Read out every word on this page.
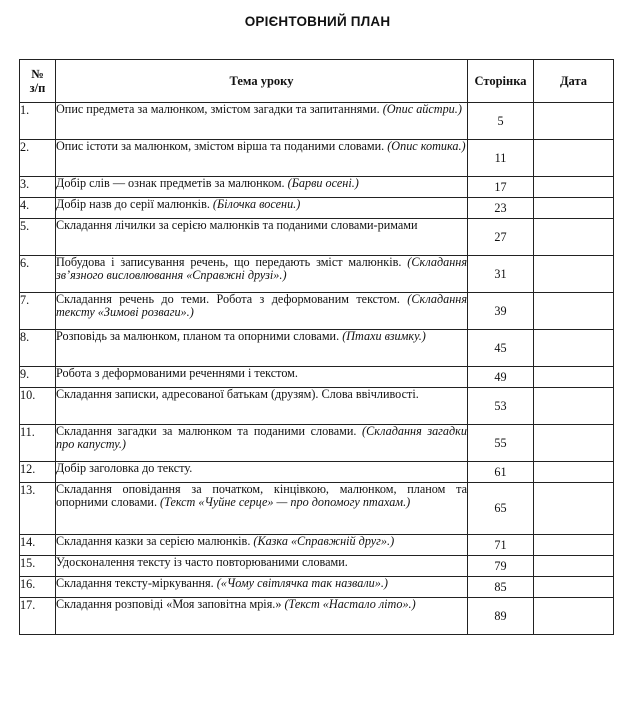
ОРІЄНТОВНИЙ ПЛАН
№
з/п	Тема уроку	Сторінка	Дата
1.	Опис предмета за малюнком, змістом загадки та запитаннями. (Опис айстри.)	5	
2.	Опис істоти за малюнком, змістом вірша та поданими словами. (Опис котика.)	11	
3.	Добір слів — ознак предметів за малюнком. (Барви осені.)	17	
4.	Добір назв до серії малюнків. (Білочка восени.)	23	
5.	Складання лічилки за серією малюнків та поданими словами-римами	27	
6.	Побудова і записування речень, що передають зміст малюнків. (Складання зв’язного висловлювання «Справжні друзі».)	31	
7.	Складання речень до теми. Робота з деформованим текстом. (Складання тексту «Зимові розваги».)	39	
8.	Розповідь за малюнком, планом та опорними словами. (Птахи взимку.)	45	
9.	Робота з деформованими реченнями і текстом.	49	
10.	Складання записки, адресованої батькам (друзям). Слова ввічливості.	53	
11.	Складання загадки за малюнком та поданими словами. (Складання загадки про капусту.)	55	
12.	Добір заголовка до тексту.	61	
13.	Складання оповідання за початком, кінцівкою, малюнком, планом та опорними словами. (Текст «Чуйне серце» — про допомогу птахам.)	65	
14.	Складання казки за серією малюнків. (Казка «Справжній друг».)	71	
15.	Удосконалення тексту із часто повторюваними словами.	79	
16.	Складання тексту-міркування. («Чому світлячка так назвали».)	85	
17.	Складання розповіді «Моя заповітна мрія.» (Текст «Настало літо».)	89	
